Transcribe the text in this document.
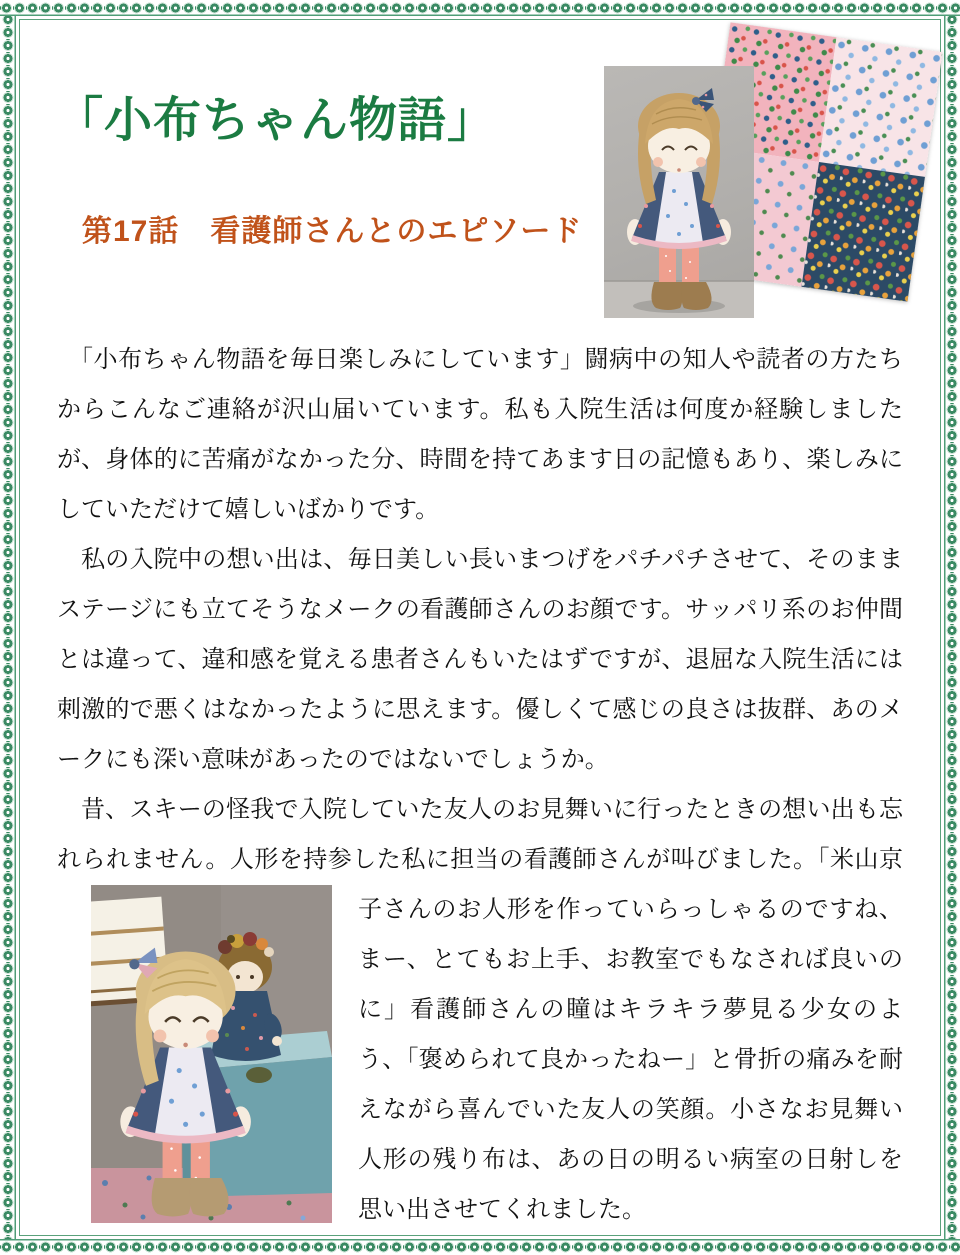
「小布ちゃん物語」
第17話　看護師さんとのエピソード

「小布ちゃん物語を毎日楽しみにしています」闘病中の知人や読者の方たちからこんなご連絡が沢山届いています。私も入院生活は何度か経験しましたが、身体的に苦痛がなかった分、時間を持てあます日の記憶もあり、楽しみにしていただけて嬉しいばかりです。

私の入院中の想い出は、毎日美しい長いまつげをパチパチさせて、そのままステージにも立てそうなメークの看護師さんのお顔です。サッパリ系のお仲間とは違って、違和感を覚える患者さんもいたはずですが、退屈な入院生活には刺激的で悪くはなかったように思えます。優しくて感じの良さは抜群、あのメークにも深い意味があったのではないでしょうか。

昔、スキーの怪我で入院していた友人のお見舞いに行ったときの想い出も忘れられません。人形を持参した私に担当の看護師さんが叫びました。「米山
京子さんのお人形を作っていらっしゃるのですね、まー、とてもお上手、お教室でもなされば良いのに」看護師さんの瞳はキラキラ夢見る少女のよう、「褒められて良かったねー」と骨折の痛みを耐えながら喜んでいた友人の笑顔。小さなお見舞い人形の残り布は、あの日の明るい病室の日射しを思い出させてくれました。
